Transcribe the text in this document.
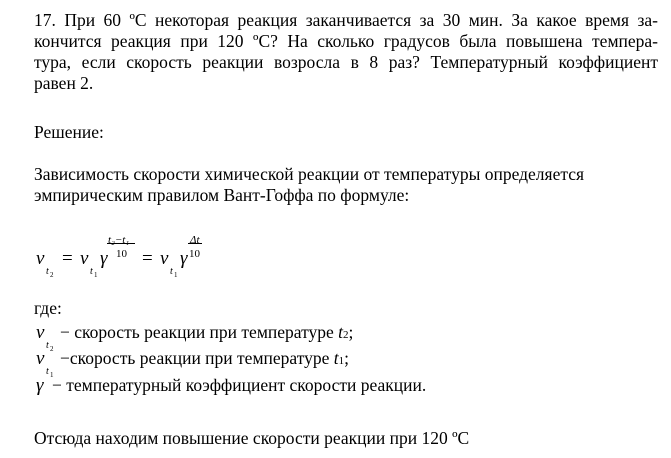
17. При 60 ºС некоторая реакция заканчивается за 30 мин. За какое время за-
кончится реакция при 120 ºС? На сколько градусов была повышена темпера-
тура, если скорость реакции возросла в 8 раз? Температурный коэффициент
равен 2.
Решение:
Зависимость скорости химической реакции от температуры определяется
эмпирическим правилом Вант-Гоффа по формуле:
v
t 2
= v
t 1
γ
t₂−t₁
10 = v
t 1
γ
Δt
10
где:
v
t 2
− скорость реакции при температуре t2;
v
t 1
−скорость реакции при температуре t1;
γ − температурный коэффициент скорости реакции.
Отсюда находим повышение скорости реакции при 120 ºС
